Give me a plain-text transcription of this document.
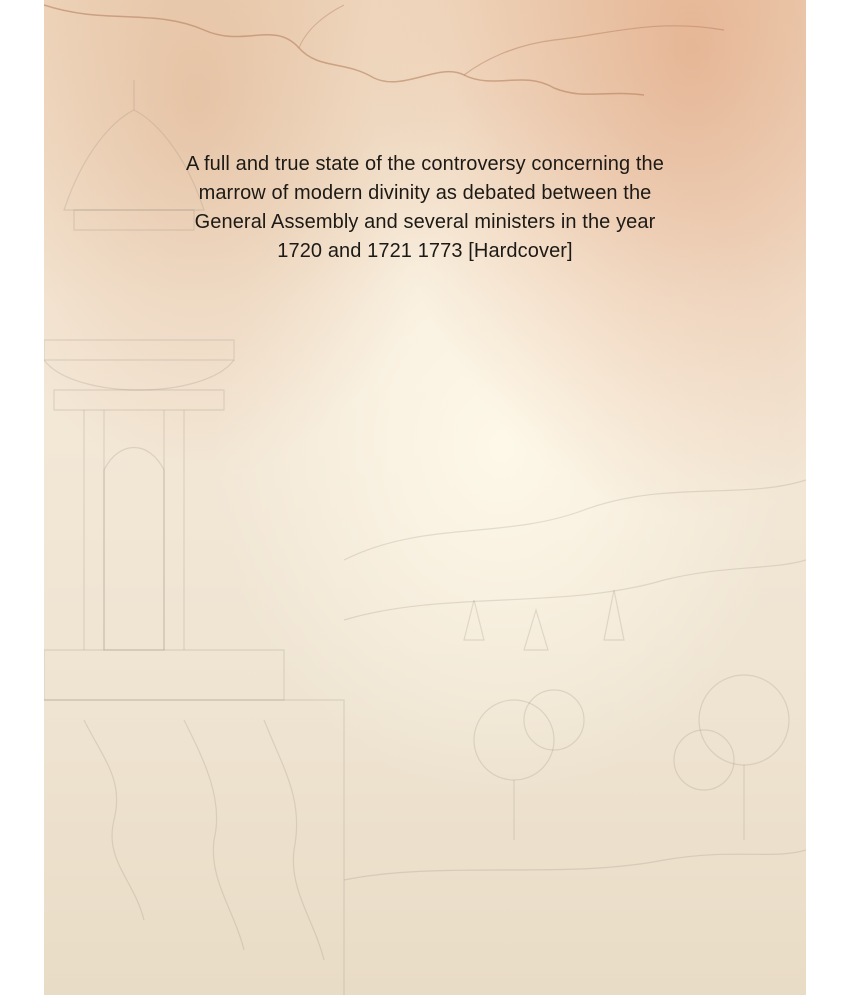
A full and true state of the controversy concerning the
marrow of modern divinity as debated between the
General Assembly and several ministers in the year
1720 and 1721 1773 [Hardcover]
